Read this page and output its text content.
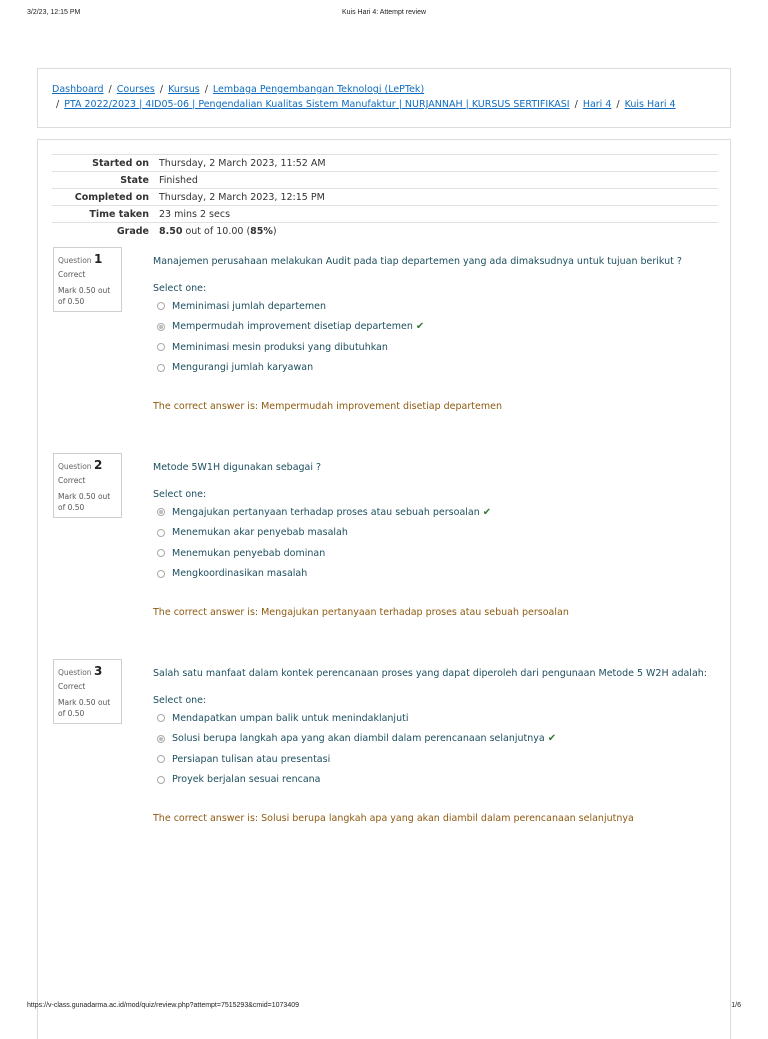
3/2/23, 12:15 PM	Kuis Hari 4: Attempt review
Dashboard / Courses / Kursus / Lembaga Pengembangan Teknologi (LePTek)
/ PTA 2022/2023 | 4ID05-06 | Pengendalian Kualitas Sistem Manufaktur | NURJANNAH | KURSUS SERTIFIKASI / Hari 4 / Kuis Hari 4
Started on	Thursday, 2 March 2023, 11:52 AM
State	Finished
Completed on	Thursday, 2 March 2023, 12:15 PM
Time taken	23 mins 2 secs
Grade	8.50 out of 10.00 (85%)
Question 1
Correct
Mark 0.50 out of 0.50
Manajemen perusahaan melakukan Audit pada tiap departemen yang ada dimaksudnya untuk tujuan berikut ?
Select one:
Meminimasi jumlah departemen
Mempermudah improvement disetiap departemen ✔
Meminimasi mesin produksi yang dibutuhkan
Mengurangi jumlah karyawan
The correct answer is: Mempermudah improvement disetiap departemen
Question 2
Correct
Mark 0.50 out of 0.50
Metode 5W1H digunakan sebagai ?
Select one:
Mengajukan pertanyaan terhadap proses atau sebuah persoalan ✔
Menemukan akar penyebab masalah
Menemukan penyebab dominan
Mengkoordinasikan masalah
The correct answer is: Mengajukan pertanyaan terhadap proses atau sebuah persoalan
Question 3
Correct
Mark 0.50 out of 0.50
Salah satu manfaat dalam kontek perencanaan proses yang dapat diperoleh dari pengunaan Metode 5 W2H adalah:
Select one:
Mendapatkan umpan balik untuk menindaklanjuti
Solusi berupa langkah apa yang akan diambil dalam perencanaan selanjutnya ✔
Persiapan tulisan atau presentasi
Proyek berjalan sesuai rencana
The correct answer is: Solusi berupa langkah apa yang akan diambil dalam perencanaan selanjutnya
https://v-class.gunadarma.ac.id/mod/quiz/review.php?attempt=7515293&cmid=1073409	1/6
